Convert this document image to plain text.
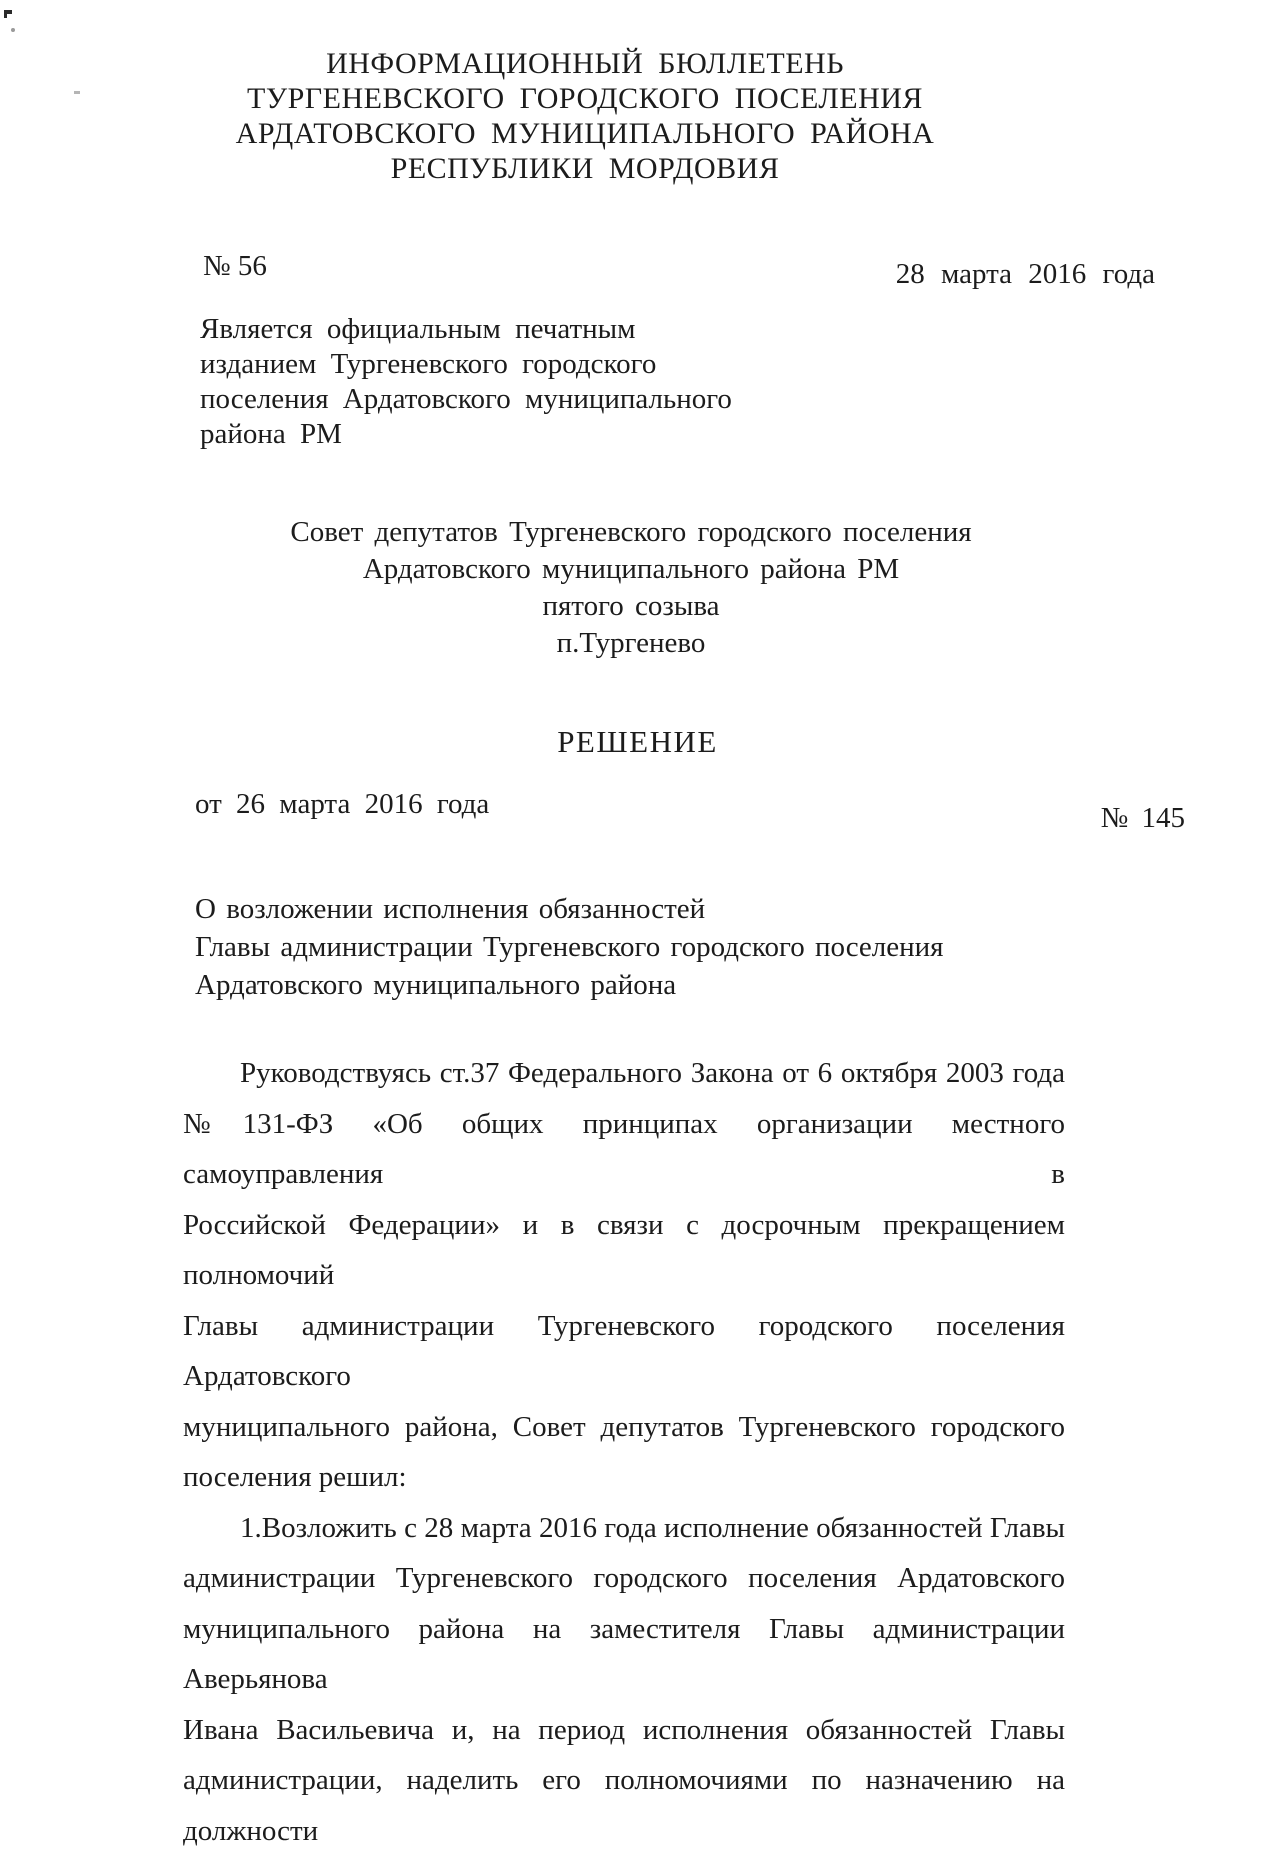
ИНФОРМАЦИОННЫЙ БЮЛЛЕТЕНЬ
ТУРГЕНЕВСКОГО ГОРОДСКОГО ПОСЕЛЕНИЯ
АРДАТОВСКОГО МУНИЦИПАЛЬНОГО РАЙОНА
РЕСПУБЛИКИ МОРДОВИЯ
№ 56	28 марта 2016 года
Является официальным печатным
изданием Тургеневского городского
поселения Ардатовского муниципального
района РМ
Совет депутатов Тургеневского городского поселения
Ардатовского муниципального района РМ
пятого созыва
п.Тургенево
РЕШЕНИЕ
от 26 марта 2016 года	№ 145
О возложении исполнения обязанностей
Главы администрации Тургеневского городского поселения
Ардатовского муниципального района
Руководствуясь ст.37 Федерального Закона от 6 октября 2003 года
№131-ФЗ «Об общих принципах организации местного самоуправления в
Российской Федерации» и в связи с досрочным прекращением полномочий
Главы администрации Тургеневского городского поселения Ардатовского
муниципального района, Совет депутатов Тургеневского городского
поселения решил:
1.Возложить с 28 марта 2016 года исполнение обязанностей Главы
администрации Тургеневского городского поселения Ардатовского
муниципального района на заместителя Главы администрации Аверьянова
Ивана Васильевича и, на период исполнения обязанностей Главы
администрации, наделить его полномочиями по назначению на должности
